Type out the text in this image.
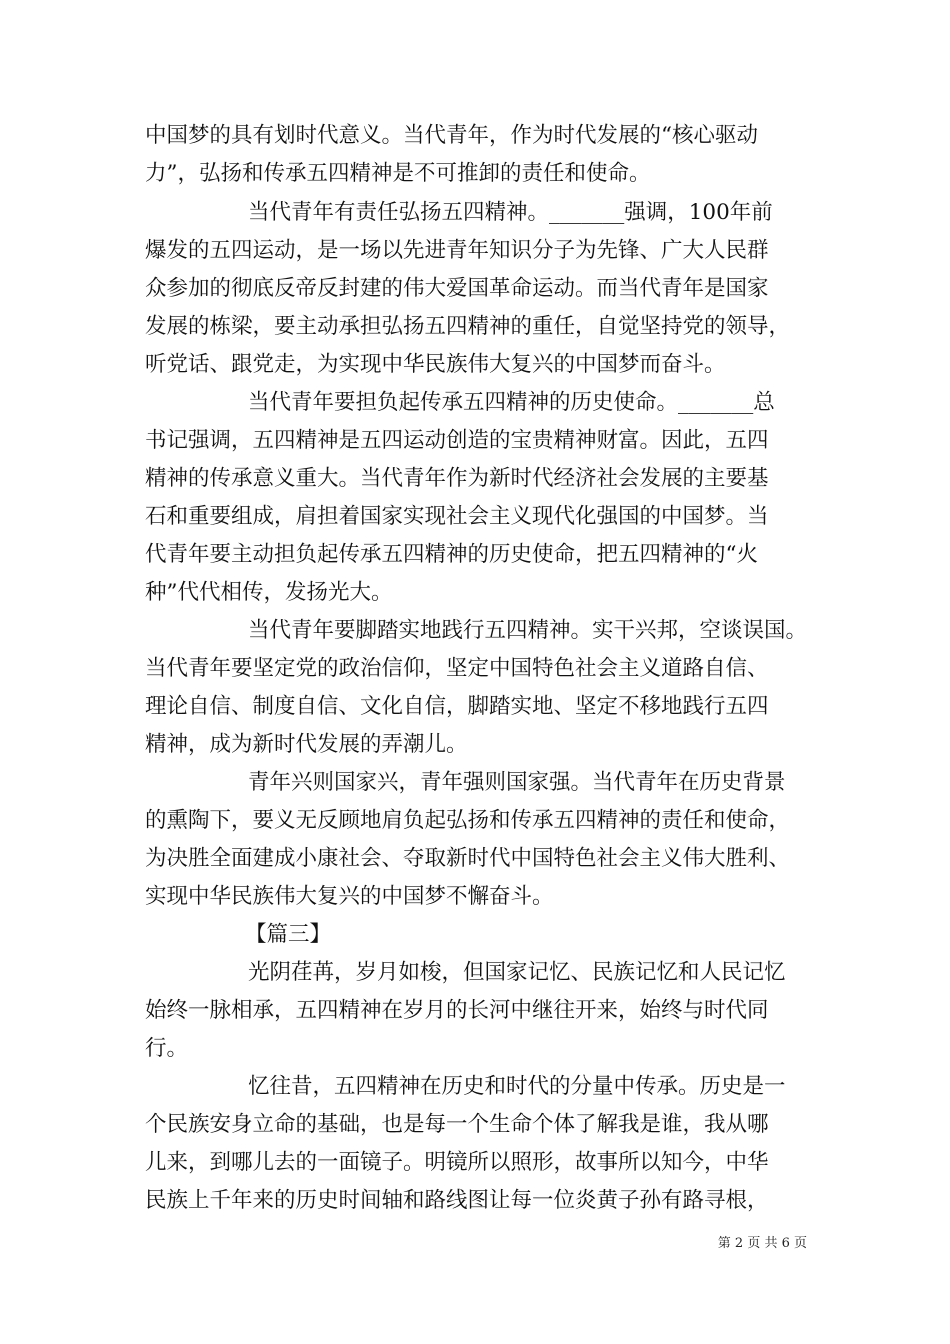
中国梦的具有划时代意义。当代青年，作为时代发展的“核心驱动
力”，弘扬和传承五四精神是不可推卸的责任和使命。
当代青年有责任弘扬五四精神。_______强调，100年前
爆发的五四运动，是一场以先进青年知识分子为先锋、广大人民群
众参加的彻底反帝反封建的伟大爱国革命运动。而当代青年是国家
发展的栋梁，要主动承担弘扬五四精神的重任，自觉坚持党的领导，
听党话、跟党走，为实现中华民族伟大复兴的中国梦而奋斗。
当代青年要担负起传承五四精神的历史使命。_______总
书记强调，五四精神是五四运动创造的宝贵精神财富。因此，五四
精神的传承意义重大。当代青年作为新时代经济社会发展的主要基
石和重要组成，肩担着国家实现社会主义现代化强国的中国梦。当
代青年要主动担负起传承五四精神的历史使命，把五四精神的“火
种”代代相传，发扬光大。
当代青年要脚踏实地践行五四精神。实干兴邦，空谈误国。
当代青年要坚定党的政治信仰，坚定中国特色社会主义道路自信、
理论自信、制度自信、文化自信，脚踏实地、坚定不移地践行五四
精神，成为新时代发展的弄潮儿。
青年兴则国家兴，青年强则国家强。当代青年在历史背景
的熏陶下，要义无反顾地肩负起弘扬和传承五四精神的责任和使命，
为决胜全面建成小康社会、夺取新时代中国特色社会主义伟大胜利、
实现中华民族伟大复兴的中国梦不懈奋斗。
【篇三】
光阴荏苒，岁月如梭，但国家记忆、民族记忆和人民记忆
始终一脉相承，五四精神在岁月的长河中继往开来，始终与时代同
行。
忆往昔，五四精神在历史和时代的分量中传承。历史是一
个民族安身立命的基础，也是每一个生命个体了解我是谁，我从哪
儿来，到哪儿去的一面镜子。明镜所以照形，故事所以知今，中华
民族上千年来的历史时间轴和路线图让每一位炎黄子孙有路寻根，
第 2 页 共 6 页
